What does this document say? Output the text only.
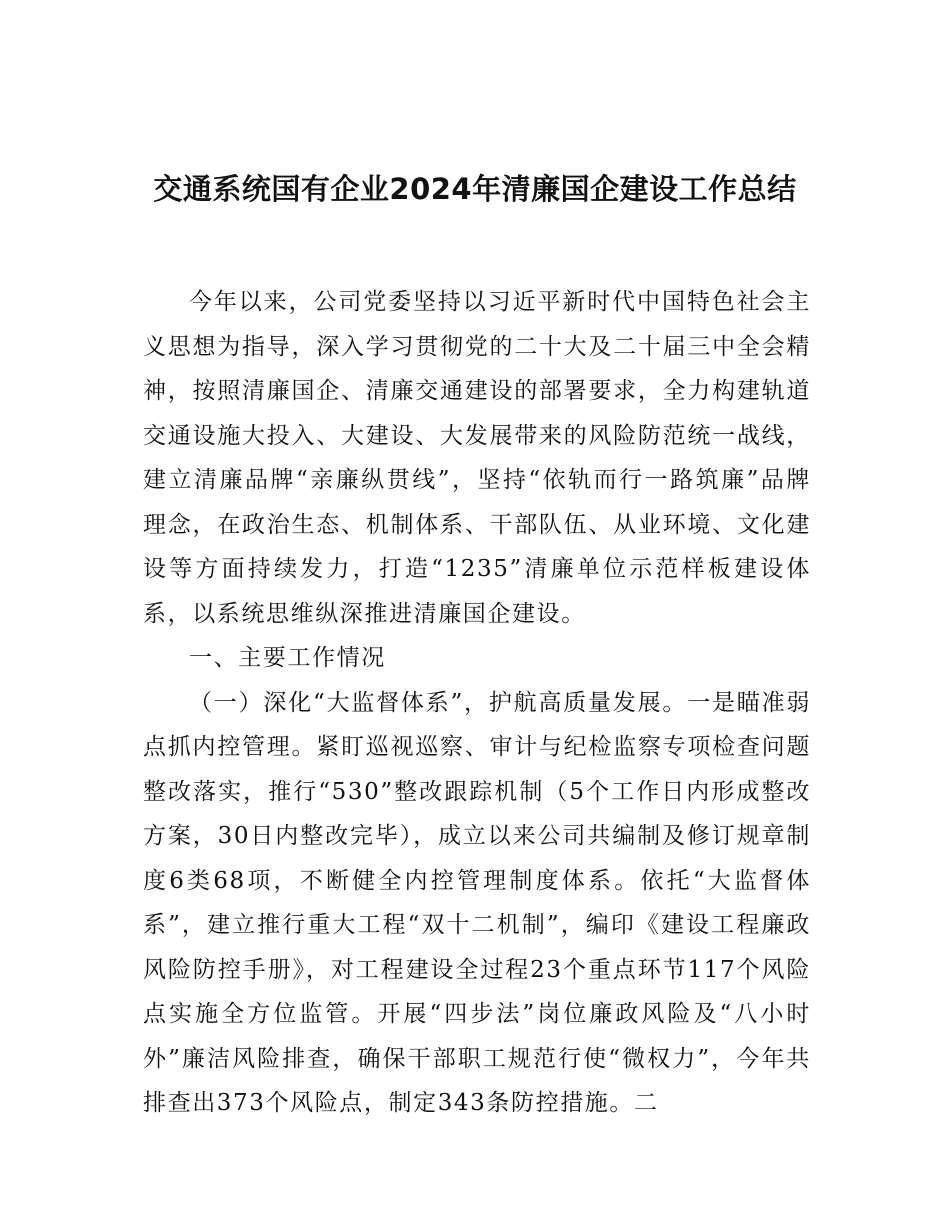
交通系统国有企业2024年清廉国企建设工作总结

今年以来，公司党委坚持以习近平新时代中国特色社会主义思想为指导，深入学习贯彻党的二十大及二十届三中全会精神，按照清廉国企、清廉交通建设的部署要求，全力构建轨道交通设施大投入、大建设、大发展带来的风险防范统一战线，建立清廉品牌“亲廉纵贯线”，坚持“依轨而行一路筑廉”品牌理念，在政治生态、机制体系、干部队伍、从业环境、文化建设等方面持续发力，打造“1235”清廉单位示范样板建设体系，以系统思维纵深推进清廉国企建设。

一、主要工作情况

（一）深化“大监督体系”，护航高质量发展。一是瞄准弱点抓内控管理。紧盯巡视巡察、审计与纪检监察专项检查问题整改落实，推行“530”整改跟踪机制（5个工作日内形成整改方案，30日内整改完毕），成立以来公司共编制及修订规章制度6类68项，不断健全内控管理制度体系。依托“大监督体系”，建立推行重大工程“双十二机制”，编印《建设工程廉政风险防控手册》，对工程建设全过程23个重点环节117个风险点实施全方位监管。开展“四步法”岗位廉政风险及“八小时外”廉洁风险排查，确保干部职工规范行使“微权力”，今年共排查出373个风险点，制定343条防控措施。二
